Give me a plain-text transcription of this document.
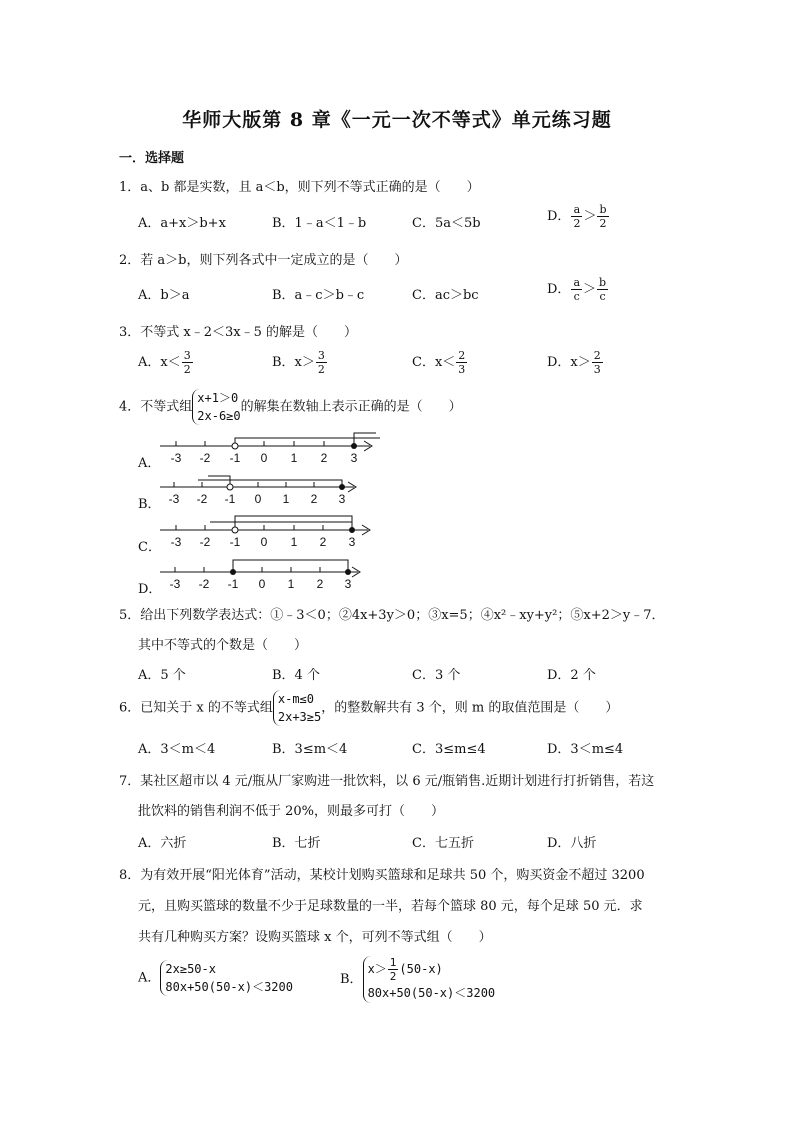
华师大版第 8 章《一元一次不等式》单元练习题
一．选择题
1．a、b 都是实数，且 a＜b，则下列不等式正确的是（　　）
A．a+x＞b+x	B．1﹣a＜1﹣b	C．5a＜5b	D． $\frac{a}{2} > \frac{b}{2}$
2．若 a＞b，则下列各式中一定成立的是（　　）
A．b＞a	B．a﹣c＞b﹣c	C．ac＞bc	D． $\frac{a}{c} > \frac{b}{c}$
3．不等式 x﹣2＜3x﹣5 的解是（　　）
A．$x< \frac{3}{2}$	B．$x> \frac{3}{2}$	C．$x< \frac{2}{3}$	D．$x> \frac{2}{3}$
4．不等式组x+1＞0
2x-6≥0的解集在数轴上表示正确的是（　　）
A． -3 -2 -1 0 1 2 3
B． -3 -2 -1 0 1 2 3
C． -3 -2 -1 0 1 2 3
D． -3 -2 -1 0 1 2 3
5．给出下列数学表达式：①﹣3＜0；②4x+3y＞0；③x=5；④x²﹣xy+y²；⑤x+2＞y﹣7．
其中不等式的个数是（　　）
A．5 个	B．4 个	C．3 个	D．2 个
6．已知关于 x 的不等式组x-m≤0
2x+3≥5，的整数解共有 3 个，则 m 的取值范围是（　　）
A．3＜m＜4	B．3≤m＜4	C．3≤m≤4	D．3＜m≤4
7．某社区超市以 4 元/瓶从厂家购进一批饮料，以 6 元/瓶销售.近期计划进行打折销售，若这
批饮料的销售利润不低于 20%，则最多可打（　　）
A．六折	B．七折	C．七五折	D．八折
8．为有效开展“阳光体育”活动，某校计划购买篮球和足球共 50 个，购买资金不超过 3200
元，且购买篮球的数量不少于足球数量的一半，若每个篮球 80 元，每个足球 50 元．求
共有几种购买方案？设购买篮球 x 个，可列不等式组（　　）
A．2x≥50-x
80x+50(50-x)＜3200	B．$x> \frac{1}{2} (50-x)$
80x+50(50-x)＜3200
